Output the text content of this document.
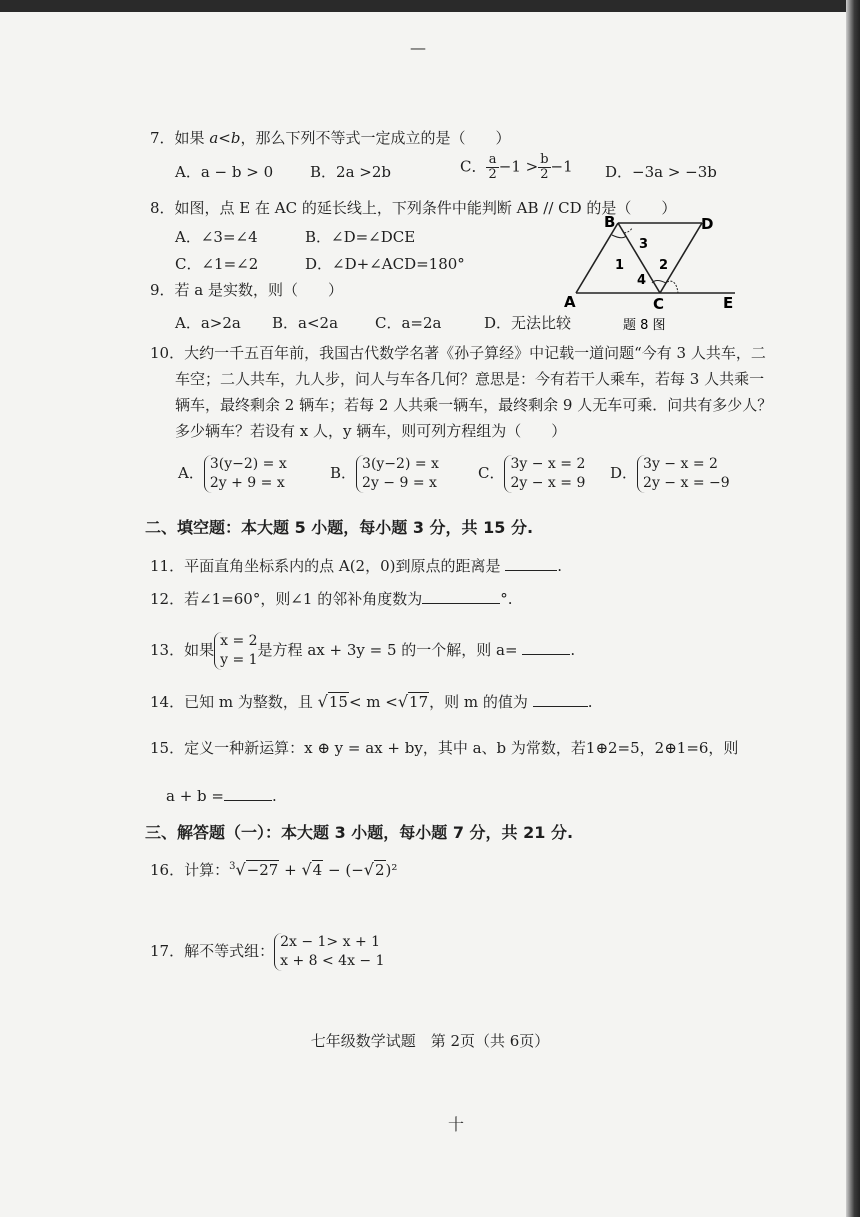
—
7．如果 a<b，那么下列不等式一定成立的是（　　）
A．a − b > 0 B．2a >2b	C． $\frac{a}{2} -1 > \frac{b}{2} -1$ D．−3a > −3b
8．如图，点 E 在 AC 的延长线上，下列条件中能判断 AB // CD 的是（　　）
A．∠3=∠4	B．∠D=∠DCE
C．∠1=∠2	D．∠D+∠ACD=180°
B	D
A	C	E
1	2
3
4
题 8 图
9．若 a 是实数，则（　　）
A．a>2a B．a<2a C．a=2a	D．无法比较
10．大约一千五百年前，我国古代数学名著《孙子算经》中记载一道问题“今有 3 人共车，二
车空；二人共车，九人步，问人与车各几何？意思是：今有若干人乘车，若每 3 人共乘一
辆车，最终剩余 2 辆车；若每 2 人共乘一辆车，最终剩余 9 人无车可乘．问共有多少人？
多少辆车？若设有 x 人，y 辆车，则可列方程组为（　　）
A． 3(y−2) = x
2y + 9 = x
B． 3(y−2) = x
2y − 9 = x
C． 3y − x = 2
2y − x = 9
D． 3y − x = 2
2y − x = −9
二、填空题：本大题 5 小题，每小题 3 分，共 15 分.
11．平面直角坐标系内的点 A(2，0)到原点的距离是	.
12．若∠1=60°，则∠1 的邻补角度数为	°.
13．如果 x = 2
y = 1
是方程 ax + 3y = 5 的一个解，则 a=	.
14．已知 m 为整数，且 √15< m <√17，则 m 的值为	.
15．定义一种新运算：x ⊕ y = ax + by，其中 a、b 为常数，若1⊕2=5，2⊕1=6，则
a + b =	.
三、解答题（一）：本大题 3 小题，每小题 7 分，共 21 分.
16．计算：$^3$√−27 + √4 − (−√2)²
17．解不等式组： 2x − 1> x + 1
x + 8 < 4x − 1
七年级数学试题　第 2页（共 6页）
十
